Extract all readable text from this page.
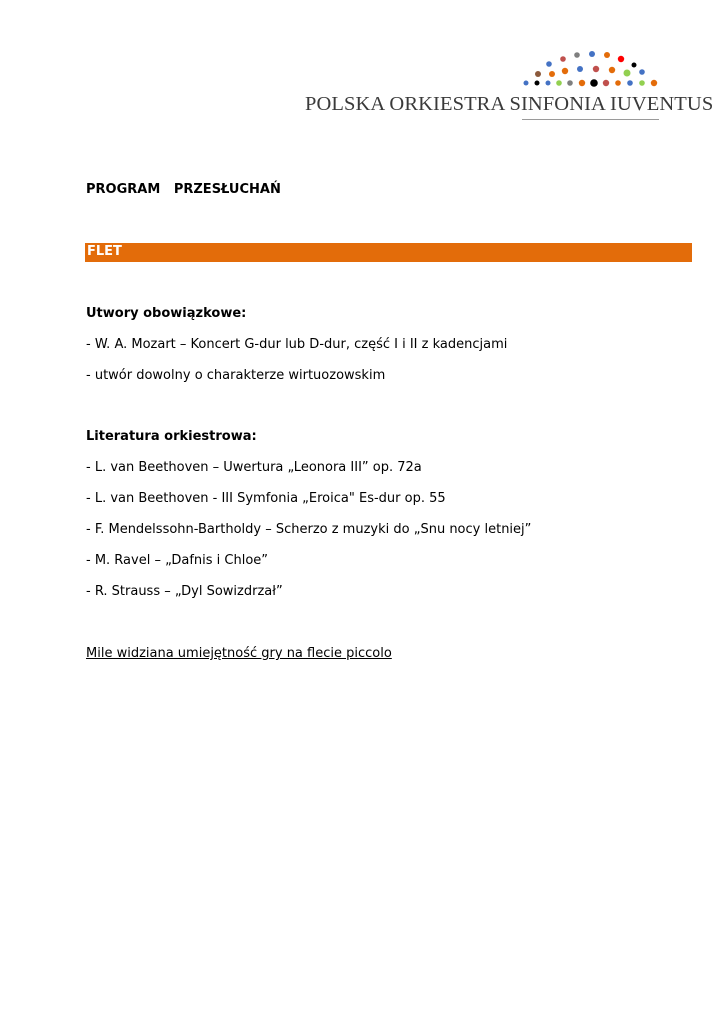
POLSKA ORKIESTRA SINFONIA IUVENTUS
PROGRAM   PRZESŁUCHAŃ
FLET
Utwory obowiązkowe:
- W. A. Mozart – Koncert G-dur lub D-dur, część I i II z kadencjami
- utwór dowolny o charakterze wirtuozowskim
Literatura orkiestrowa:
- L. van Beethoven – Uwertura „Leonora III” op. 72a
- L. van Beethoven - III Symfonia „Eroica" Es-dur op. 55
- F. Mendelssohn-Bartholdy – Scherzo z muzyki do „Snu nocy letniej”
- M. Ravel – „Dafnis i Chloe”
- R. Strauss – „Dyl Sowizdrzał”
Mile widziana umiejętność gry na flecie piccolo
